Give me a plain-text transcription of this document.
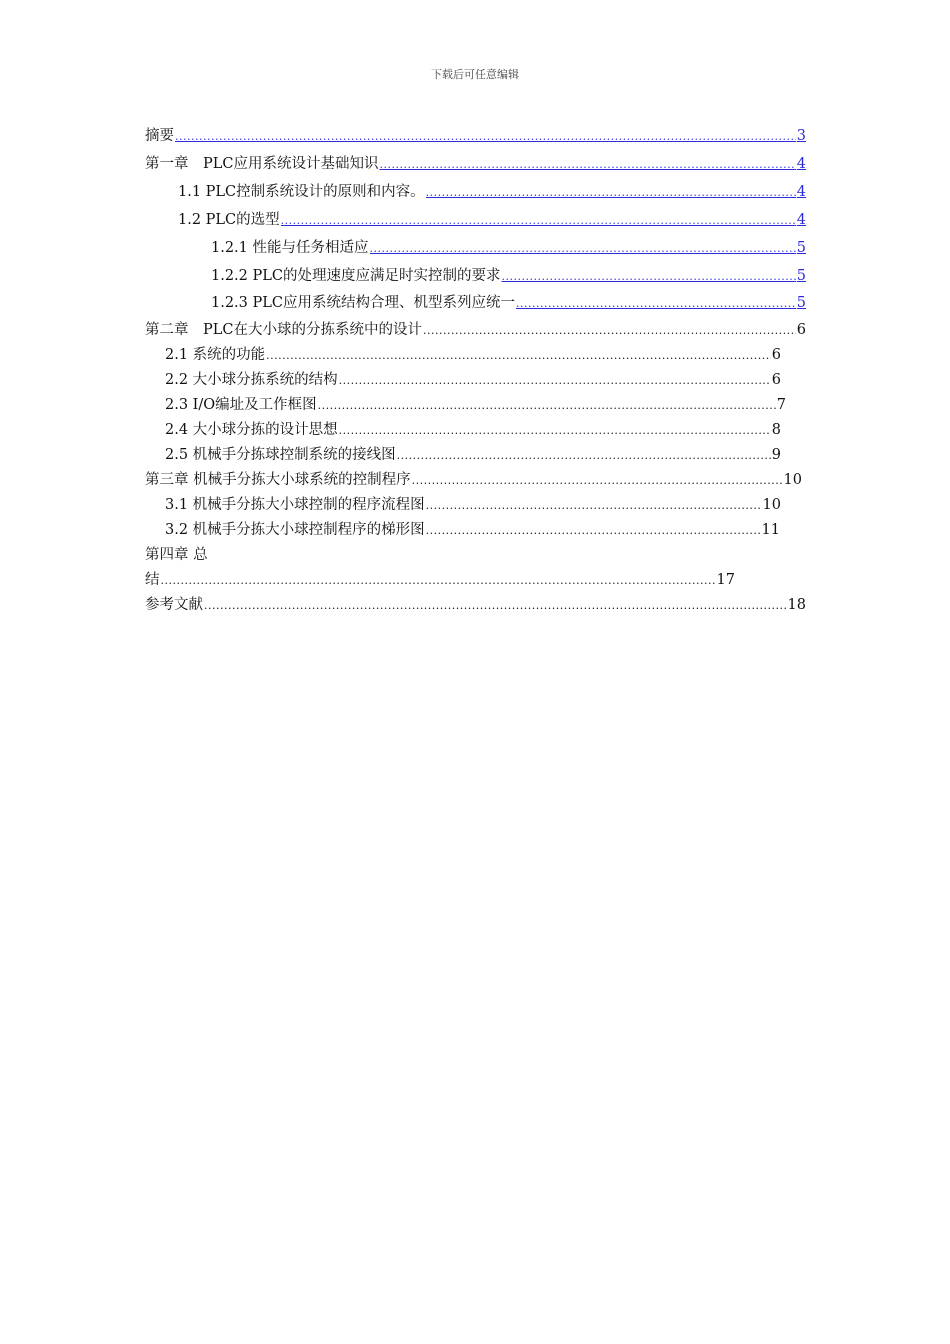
下载后可任意编辑
摘要 .....	3
第一章　PLC应用系统设计基础知识 .....	4
1.1 PLC控制系统设计的原则和内容。 .....	4
1.2 PLC的选型 .....	4
1.2.1 性能与任务相适应 .....	5
1.2.2 PLC的处理速度应满足时实控制的要求 .....	5
1.2.3 PLC应用系统结构合理、机型系列应统一 .....	5
第二章　PLC在大小球的分拣系统中的设计 .....	6
2.1 系统的功能 .....	6
2.2 大小球分拣系统的结构 .....	6
2.3 I/O编址及工作框图 .....	7
2.4 大小球分拣的设计思想 .....	8
2.5 机械手分拣球控制系统的接线图 .....	9
第三章 机械手分拣大小球系统的控制程序 .....	10
3.1 机械手分拣大小球控制的程序流程图 .....	10
3.2 机械手分拣大小球控制程序的梯形图 .....	11
第四章 总
结 .....	17
参考文献 .....	18
